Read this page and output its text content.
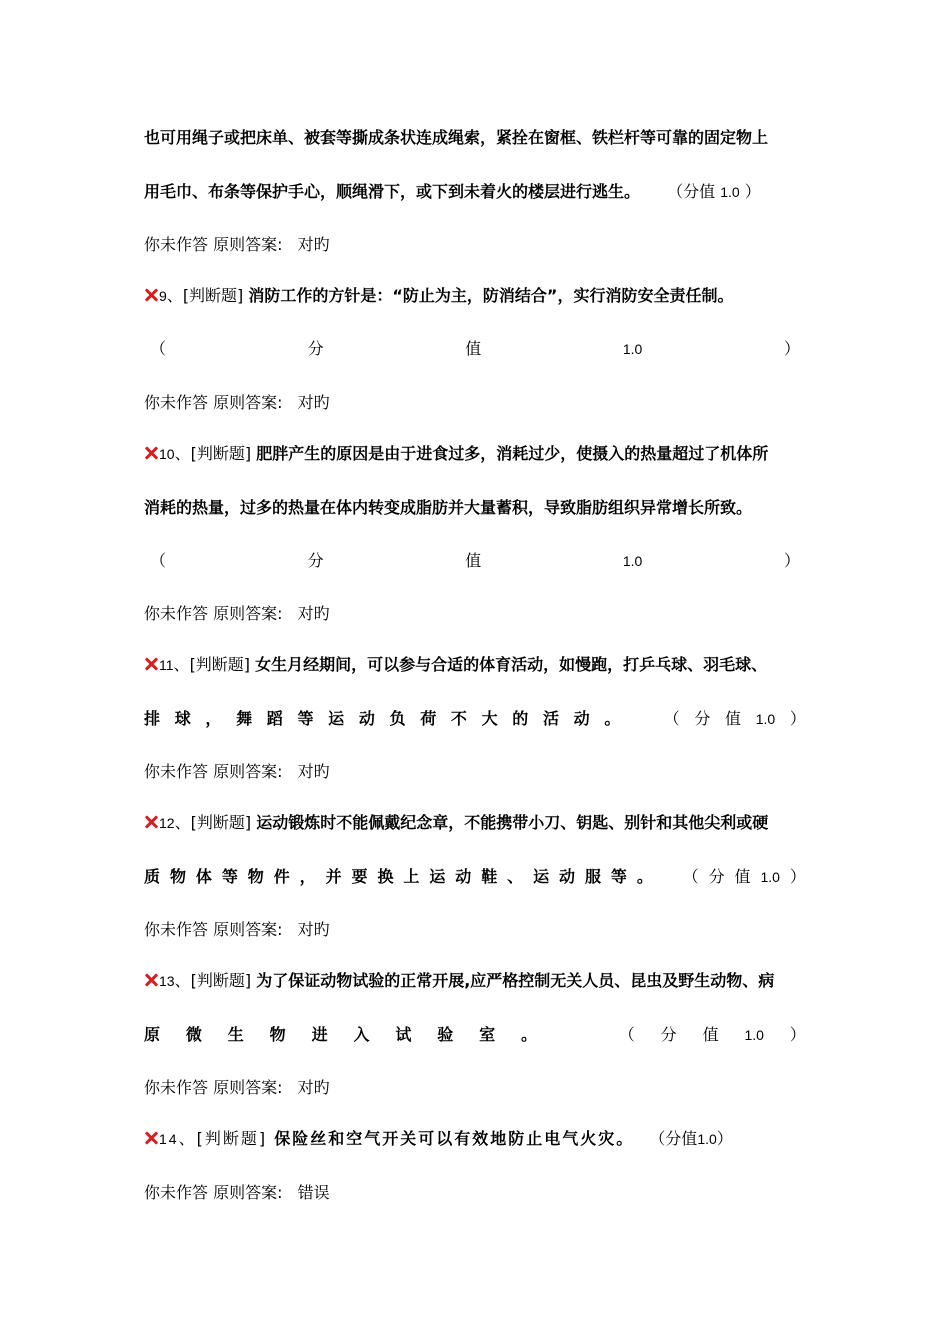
也可用绳子或把床单、被套等撕成条状连成绳索，紧拴在窗框、铁栏杆等可靠的固定物上
用毛巾、布条等保护手心，顺绳滑下，或下到未着火的楼层进行逃生。 （分值 1.0 ）
你未作答 原则答案: 对旳
9、[判断题] 消防工作的方针是：“防止为主，防消结合”，实行消防安全责任制。
（	分	值	1.0	）
你未作答 原则答案: 对旳
10、[判断题] 肥胖产生的原因是由于进食过多，消耗过少，使摄入的热量超过了机体所
消耗的热量，过多的热量在体内转变成脂肪并大量蓄积，导致脂肪组织异常增长所致。
（	分	值	1.0	）
你未作答 原则答案: 对旳
11、[判断题] 女生月经期间，可以参与合适的体育活动，如慢跑，打乒乓球、羽毛球、
排 球 ， 舞 蹈 等 运 动 负 荷 不 大 的 活 动 。	（ 分 值 1.0 ）
你未作答 原则答案: 对旳
12、[判断题] 运动锻炼时不能佩戴纪念章，不能携带小刀、钥匙、别针和其他尖利或硬
质 物 体 等 物 件 ， 并 要 换 上 运 动 鞋 、 运 动 服 等 。 （ 分 值 1.0 ）
你未作答 原则答案: 对旳
13、[判断题] 为了保证动物试验的正常开展,应严格控制无关人员、昆虫及野生动物、病
原 微 生 物 进 入 试 验 室 。	（ 分 值 1.0 ）
你未作答 原则答案: 对旳
14、[判断题] 保险丝和空气开关可以有效地防止电气火灾。 （分值1.0）
你未作答 原则答案: 错误
